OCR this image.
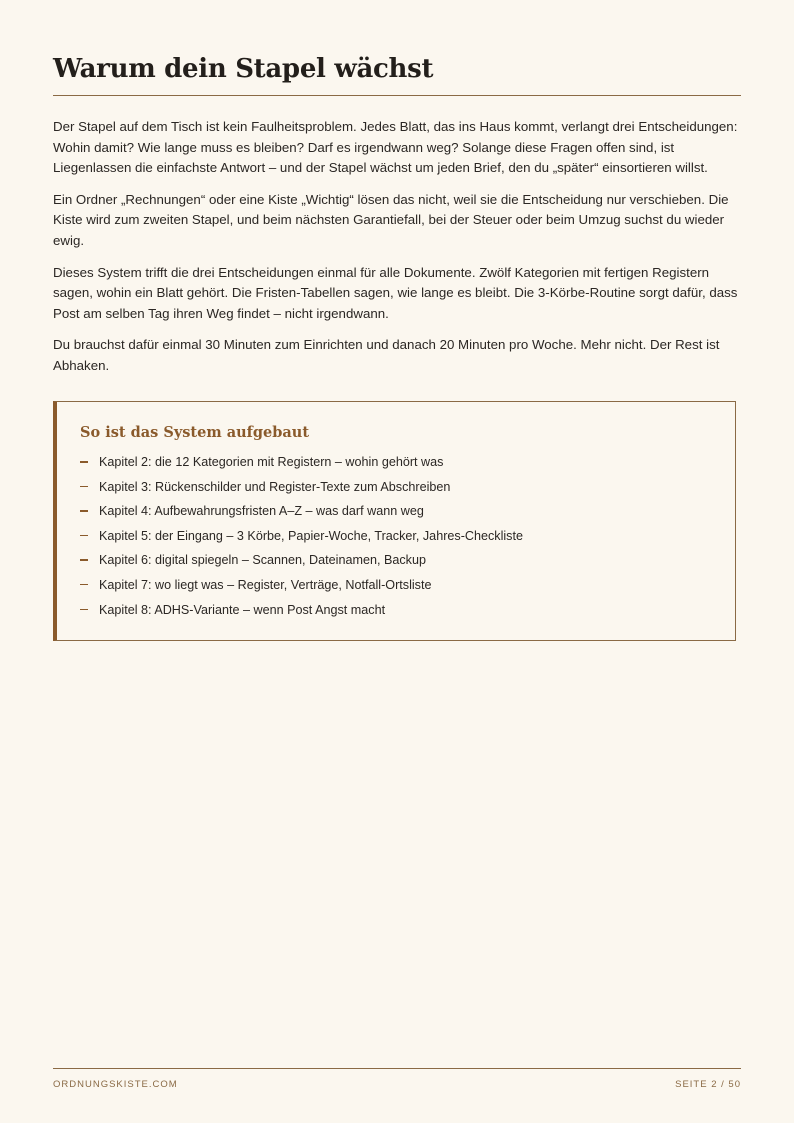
Warum dein Stapel wächst

Der Stapel auf dem Tisch ist kein Faulheitsproblem. Jedes Blatt, das ins Haus kommt, verlangt drei Entscheidungen: Wohin damit? Wie lange muss es bleiben? Darf es irgendwann weg? Solange diese Fragen offen sind, ist Liegenlassen die einfachste Antwort – und der Stapel wächst um jeden Brief, den du „später“ einsortieren willst.

Ein Ordner „Rechnungen“ oder eine Kiste „Wichtig“ lösen das nicht, weil sie die Entscheidung nur verschieben. Die Kiste wird zum zweiten Stapel, und beim nächsten Garantiefall, bei der Steuer oder beim Umzug suchst du wieder ewig.

Dieses System trifft die drei Entscheidungen einmal für alle Dokumente. Zwölf Kategorien mit fertigen Registern sagen, wohin ein Blatt gehört. Die Fristen-Tabellen sagen, wie lange es bleibt. Die 3-Körbe-Routine sorgt dafür, dass Post am selben Tag ihren Weg findet – nicht irgendwann.

Du brauchst dafür einmal 30 Minuten zum Einrichten und danach 20 Minuten pro Woche. Mehr nicht. Der Rest ist Abhaken.

So ist das System aufgebaut
Kapitel 2: die 12 Kategorien mit Registern – wohin gehört was
Kapitel 3: Rückenschilder und Register-Texte zum Abschreiben
Kapitel 4: Aufbewahrungsfristen A–Z – was darf wann weg
Kapitel 5: der Eingang – 3 Körbe, Papier-Woche, Tracker, Jahres-Checkliste
Kapitel 6: digital spiegeln – Scannen, Dateinamen, Backup
Kapitel 7: wo liegt was – Register, Verträge, Notfall-Ortsliste
Kapitel 8: ADHS-Variante – wenn Post Angst macht
ORDNUNGSKISTE.COM	SEITE 2 / 50
